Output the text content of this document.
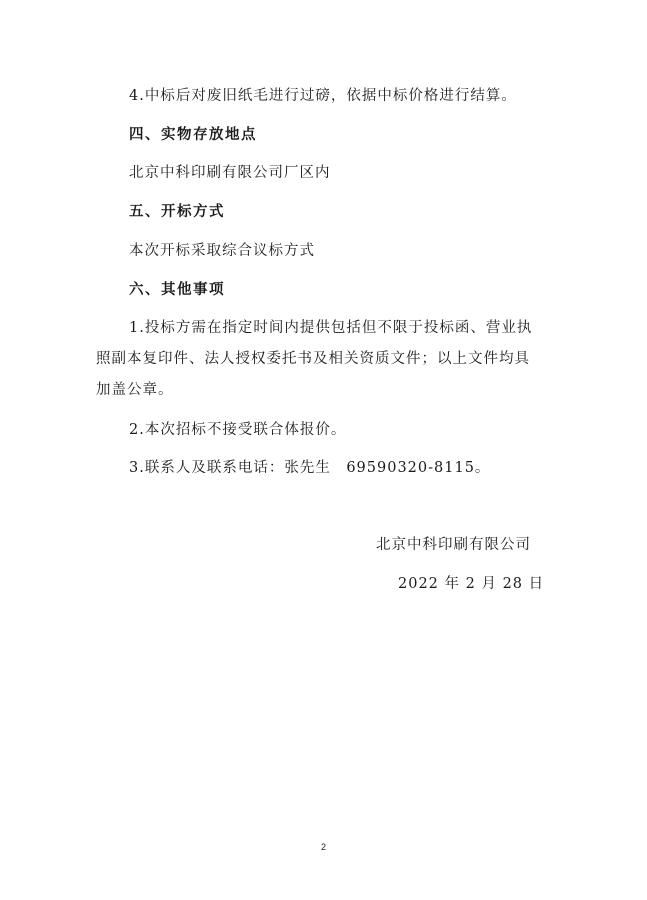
4.中标后对废旧纸毛进行过磅，依据中标价格进行结算。
四、实物存放地点
北京中科印刷有限公司厂区内
五、开标方式
本次开标采取综合议标方式
六、其他事项
1.投标方需在指定时间内提供包括但不限于投标函、营业执
照副本复印件、法人授权委托书及相关资质文件；以上文件均具
加盖公章。
2.本次招标不接受联合体报价。
3.联系人及联系电话：张先生　69590320-8115。
北京中科印刷有限公司
2022 年 2 月 28 日
2
